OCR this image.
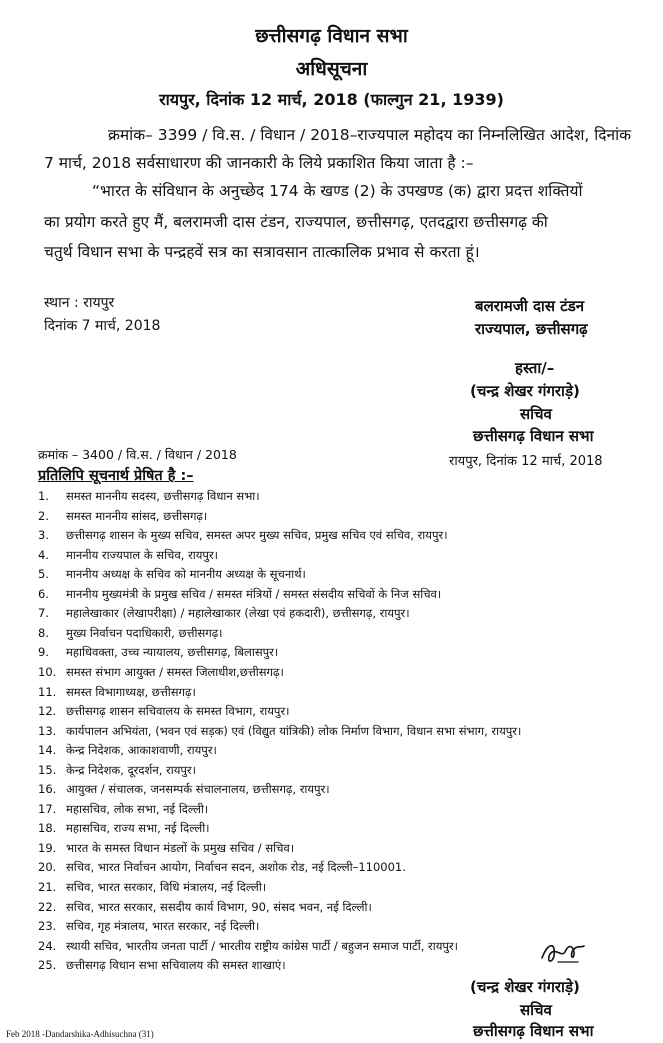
छत्तीसगढ़ विधान सभा
अधिसूचना
रायपुर, दिनांक 12 मार्च, 2018 (फाल्गुन 21, 1939)
क्रमांक– 3399 / वि.स. / विधान / 2018–राज्यपाल महोदय का निम्नलिखित आदेश, दिनांक
7 मार्च, 2018 सर्वसाधारण की जानकारी के लिये प्रकाशित किया जाता है :–
“भारत के संविधान के अनुच्छेद 174 के खण्ड (2) के उपखण्ड (क) द्वारा प्रदत्त शक्तियों
का प्रयोग करते हुए मैं, बलरामजी दास टंडन, राज्यपाल, छत्तीसगढ़, एतदद्वारा छत्तीसगढ़ की
चतुर्थ विधान सभा के पन्द्रहवें सत्र का सत्रावसान तात्कालिक प्रभाव से करता हूं।
स्थान : रायपुर
दिनांक 7 मार्च, 2018
बलरामजी दास टंडन
राज्यपाल, छत्तीसगढ़
हस्ता/–
(चन्द्र शेखर गंगराड़े)
सचिव
छत्तीसगढ़ विधान सभा
रायपुर, दिनांक 12 मार्च, 2018
क्रमांक – 3400 / वि.स. / विधान / 2018
प्रतिलिपि सूचनार्थ प्रेषित है :–
1. समस्त माननीय सदस्य, छत्तीसगढ़ विधान सभा।
2. समस्त माननीय सांसद, छत्तीसगढ़।
3. छत्तीसगढ़ शासन के मुख्य सचिव, समस्त अपर मुख्य सचिव, प्रमुख सचिव एवं सचिव, रायपुर।
4. माननीय राज्यपाल के सचिव, रायपुर।
5. माननीय अध्यक्ष के सचिव को माननीय अध्यक्ष के सूचनार्थ।
6. माननीय मुख्यमंत्री के प्रमुख सचिव / समस्त मंत्रियों / समस्त संसदीय सचिवों के निज सचिव।
7. महालेखाकार (लेखापरीक्षा) / महालेखाकार (लेखा एवं हकदारी), छत्तीसगढ़, रायपुर।
8. मुख्य निर्वाचन पदाधिकारी, छत्तीसगढ़।
9. महाधिवक्ता, उच्च न्यायालय, छत्तीसगढ़, बिलासपुर।
10. समस्त संभाग आयुक्त / समस्त जिलाधीश,छत्तीसगढ़।
11. समस्त विभागाध्यक्ष, छत्तीसगढ़।
12. छत्तीसगढ़ शासन सचिवालय के समस्त विभाग, रायपुर।
13. कार्यपालन अभियंता, (भवन एवं सड़क) एवं (विद्युत यांत्रिकी) लोक निर्माण विभाग, विधान सभा संभाग, रायपुर।
14. केन्द्र निदेशक, आकाशवाणी, रायपुर।
15. केन्द्र निदेशक, दूरदर्शन, रायपुर।
16. आयुक्त / संचालक, जनसम्पर्क संचालनालय, छत्तीसगढ़, रायपुर।
17. महासचिव, लोक सभा, नई दिल्ली।
18. महासचिव, राज्य सभा, नई दिल्ली।
19. भारत के समस्त विधान मंडलों के प्रमुख सचिव / सचिव।
20. सचिव, भारत निर्वाचन आयोग, निर्वाचन सदन, अशोक रोड, नई दिल्ली–110001.
21. सचिव, भारत सरकार, विधि मंत्रालय, नई दिल्ली।
22. सचिव, भारत सरकार, ससदीय कार्य विभाग, 90, संसद भवन, नई दिल्ली।
23. सचिव, गृह मंत्रालय, भारत सरकार, नई दिल्ली।
24. स्थायी सचिव, भारतीय जनता पार्टी / भारतीय राष्ट्रीय कांग्रेस पार्टी / बहुजन समाज पार्टी, रायपुर।
25. छत्तीसगढ़ विधान सभा सचिवालय की समस्त शाखाएं।
(चन्द्र शेखर गंगराड़े)
सचिव
छत्तीसगढ़ विधान सभा
Feb 2018 -Dandarshika-Adhisuchna (31)
